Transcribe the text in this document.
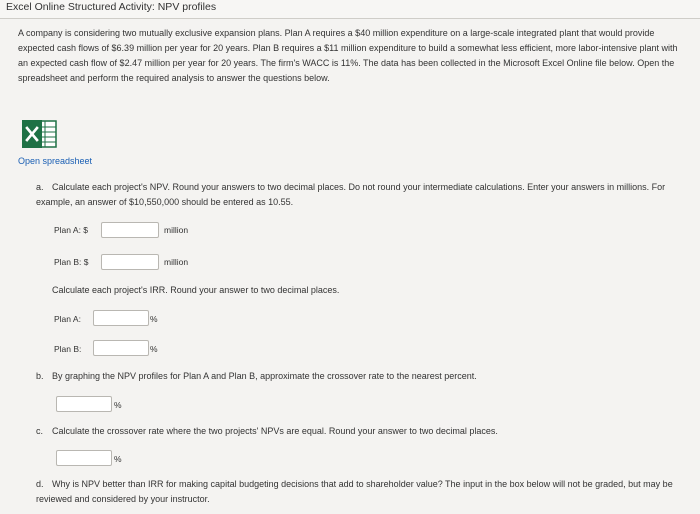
Excel Online Structured Activity: NPV profiles

A company is considering two mutually exclusive expansion plans. Plan A requires a $40 million expenditure on a large-scale integrated plant that would provide expected cash flows of $6.39 million per year for 20 years. Plan B requires a $11 million expenditure to build a somewhat less efficient, more labor-intensive plant with an expected cash flow of $2.47 million per year for 20 years. The firm's WACC is 11%. The data has been collected in the Microsoft Excel Online file below. Open the spreadsheet and perform the required analysis to answer the questions below.

Open spreadsheet
a. Calculate each project's NPV. Round your answers to two decimal places. Do not round your intermediate calculations. Enter your answers in millions. For example, an answer of $10,550,000 should be entered as 10.55.
Plan A: $	million
Plan B: $	million
Calculate each project's IRR. Round your answer to two decimal places.
Plan A:	%
Plan B:	%
b. By graphing the NPV profiles for Plan A and Plan B, approximate the crossover rate to the nearest percent.
%
c. Calculate the crossover rate where the two projects' NPVs are equal. Round your answer to two decimal places.
%
d. Why is NPV better than IRR for making capital budgeting decisions that add to shareholder value? The input in the box below will not be graded, but may be reviewed and considered by your instructor.
